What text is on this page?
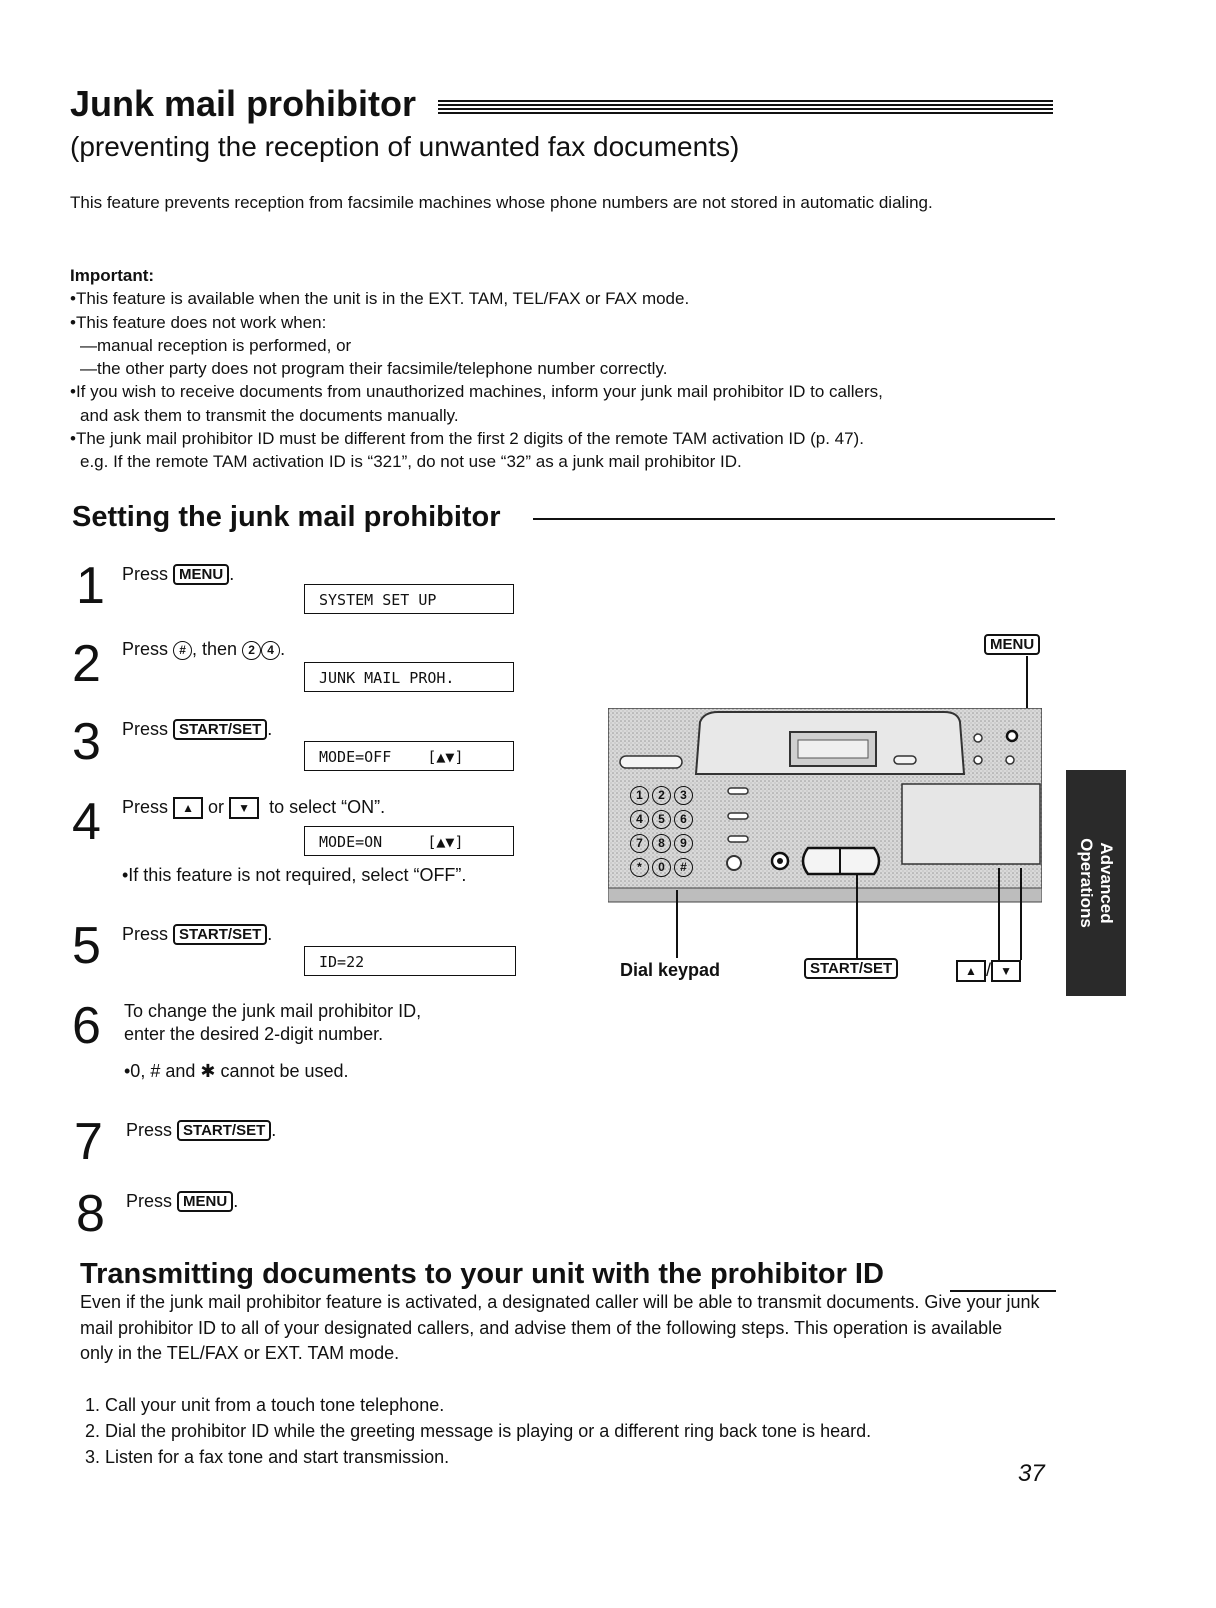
Junk mail prohibitor
(preventing the reception of unwanted fax documents)
This feature prevents reception from facsimile machines whose phone numbers are not stored in automatic dialing.
Important:
•This feature is available when the unit is in the EXT. TAM, TEL/FAX or FAX mode.
•This feature does not work when:
—manual reception is performed, or
—the other party does not program their facsimile/telephone number correctly.
•If you wish to receive documents from unauthorized machines, inform your junk mail prohibitor ID to callers,
and ask them to transmit the documents manually.
•The junk mail prohibitor ID must be different from the first 2 digits of the remote TAM activation ID (p. 47).
e.g. If the remote TAM activation ID is “321”, do not use “32” as a junk mail prohibitor ID.
Setting the junk mail prohibitor
1 Press MENU .
SYSTEM SET UP
2 Press # , then 2 4 .
JUNK MAIL PROH.
3 Press START/SET .
MODE=OFF    [▲▼]
4 Press ▲ or ▼ to select “ON”.
MODE=ON     [▲▼]
•If this feature is not required, select “OFF”.
5 Press START/SET .
ID=22
6 To change the junk mail prohibitor ID,
enter the desired 2-digit number.
•0, # and ✱ cannot be used.
7 Press START/SET .
8 Press MENU .
MENU
1	2	3
4	5	6
7	8	9
*	0	#
Dial keypad	START/SET	▲ / ▼
Advanced
Operations
Transmitting documents to your unit with the prohibitor ID
Even if the junk mail prohibitor feature is activated, a designated caller will be able to transmit documents. Give your junk mail prohibitor ID to all of your designated callers, and advise them of the following steps. This operation is available only in the TEL/FAX or EXT. TAM mode.
1. Call your unit from a touch tone telephone.
2. Dial the prohibitor ID while the greeting message is playing or a different ring back tone is heard.
3. Listen for a fax tone and start transmission.
37
